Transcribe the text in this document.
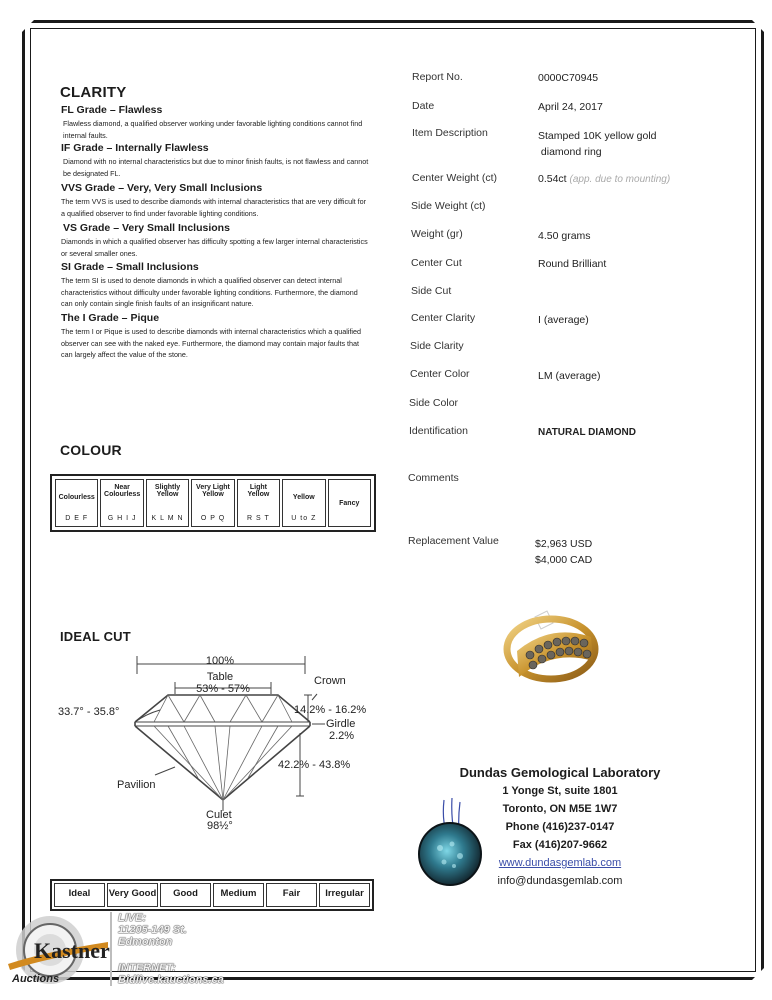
CLARITY
FL Grade – Flawless
Flawless diamond, a qualified observer working under favorable lighting conditions cannot find internal faults.
IF Grade – Internally Flawless
Diamond with no internal characteristics but due to minor finish faults, is not flawless and cannot be designated FL.
VVS Grade – Very, Very Small Inclusions
The term VVS is used to describe diamonds with internal characteristics that are very difficult for a qualified observer to find under favorable lighting conditions.
VS Grade – Very Small Inclusions
Diamonds in which a qualified observer has difficulty spotting a few larger internal characteristics or several smaller ones.
SI Grade – Small Inclusions
The term SI is used to denote diamonds in which a qualified observer can detect internal characteristics without difficulty under favorable lighting conditions. Furthermore, the diamond can only contain single finish faults of an insignificant nature.
The I Grade – Pique
The term I or Pique is used to describe diamonds with internal characteristics which a qualified observer can see with the naked eye. Furthermore, the diamond may contain major faults that can largely affect the value of the stone.
COLOUR
Colourless
D E F
Near Colourless
G H I J
Slightly Yellow
K L M N
Very Light Yellow
O P Q
Light Yellow
R S T
Yellow
U to Z
Fancy
IDEAL CUT
100%
Table
53% - 57%
Crown
33.7° - 35.8°	14.2% - 16.2%
Girdle
2.2%
42.2% - 43.8%
Pavilion
Culet
98½°
Ideal	Very Good	Good	Medium	Fair	Irregular
Report No.	0000C70945
Date	April 24, 2017
Item Description	Stamped 10K yellow gold
diamond ring
Center Weight (ct)	0.54ct (app. due to mounting)
Side Weight (ct)
Weight (gr)	4.50 grams
Center Cut	Round Brilliant
Side Cut
Center Clarity	I (average)
Side Clarity
Center Color	LM (average)
Side Color
Identification	NATURAL DIAMOND
Comments
Replacement Value	$2,963 USD
$4,000 CAD
Dundas Gemological Laboratory
1 Yonge St, suite 1801
Toronto, ON M5E 1W7
Phone (416)237-0147
Fax (416)207-9662
www.dundasgemlab.com
info@dundasgemlab.com
Kastner
Auctions
LIVE:
11205-149 St.
Edmonton
INTERNET:
Bidlive.kauctions.ca
